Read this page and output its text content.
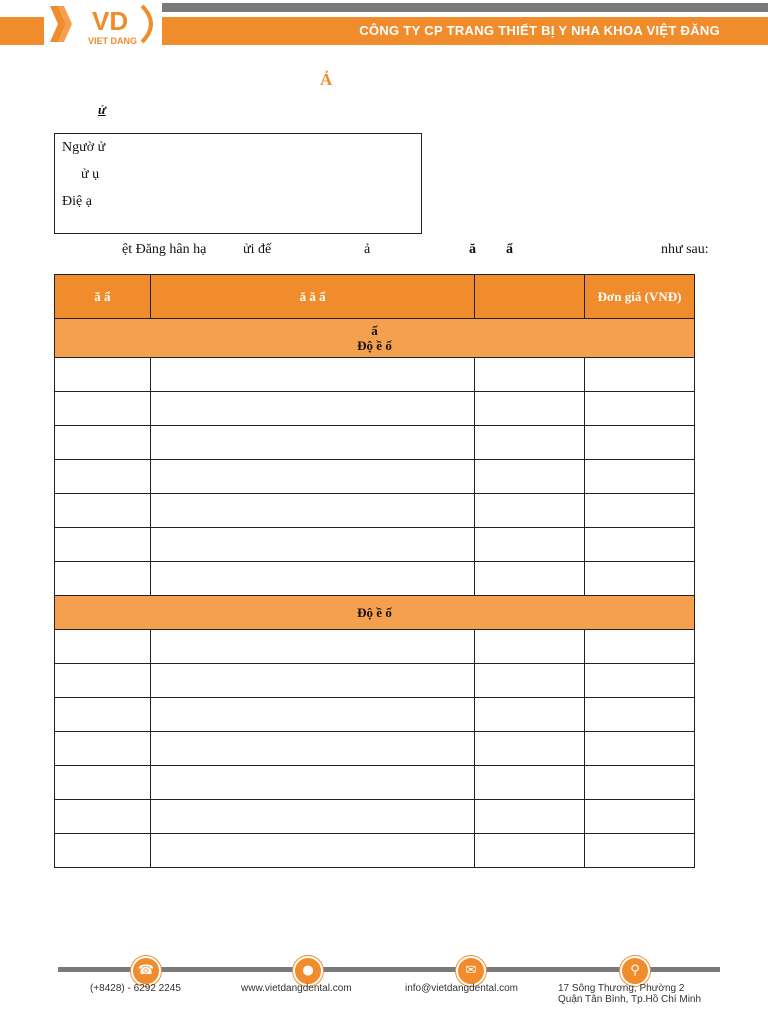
CÔNG TY CP TRANG THIẾT BỊ Y NHA KHOA VIỆT ĐĂNG
VD
VIET DANG
Ả
ử
Ngườ ử
ử ụ
Điệ ạ
ệt Đăng hân hạ	ửi đế	ả	ă ẩ	như sau:
ă ẩ	ă ă ẩ		Đơn giá (VNĐ)

ấ
Độ ề ố			

Độ ề ố			

☎	●	✉	⚲
(+8428) - 6292 2245	www.vietdangdental.com	info@vietdangdental.com	17 Sông Thương, Phường 2
Quận Tân Bình, Tp.Hồ Chí Minh
